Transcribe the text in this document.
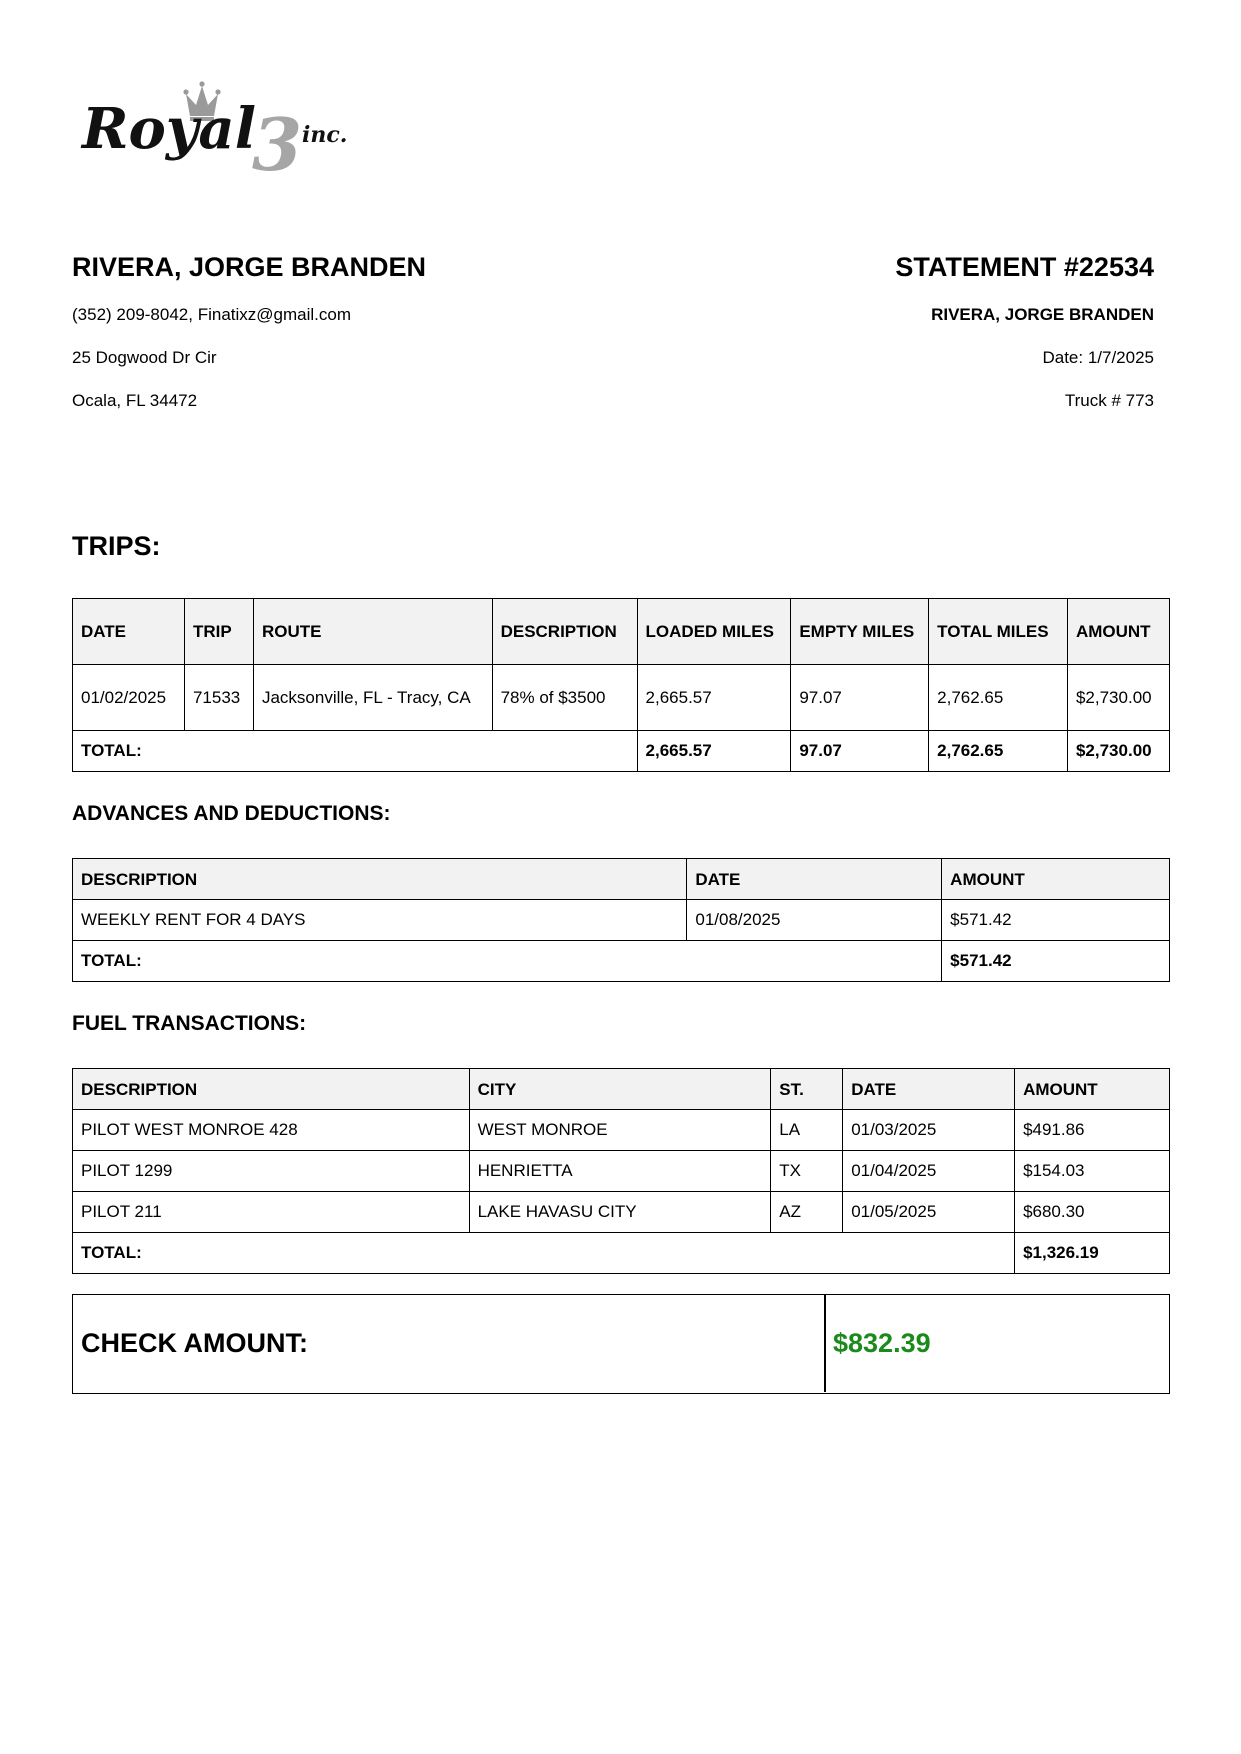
Royal
3 inc.
RIVERA, JORGE BRANDEN
(352) 209-8042, Finatixz@gmail.com
25 Dogwood Dr Cir
Ocala, FL 34472
STATEMENT #22534
RIVERA, JORGE BRANDEN
Date: 1/7/2025
Truck # 773
TRIPS:
DATE	TRIP	ROUTE	DESCRIPTION	LOADED MILES	EMPTY MILES	TOTAL MILES	AMOUNT
01/02/2025	71533	Jacksonville, FL - Tracy, CA	78% of $3500	2,665.57	97.07	2,762.65	$2,730.00
TOTAL:				2,665.57	97.07	2,762.65	$2,730.00
ADVANCES AND DEDUCTIONS:
DESCRIPTION	DATE	AMOUNT
WEEKLY RENT FOR 4 DAYS	01/08/2025	$571.42
TOTAL:		$571.42
FUEL TRANSACTIONS:
DESCRIPTION	CITY	ST.	DATE	AMOUNT
PILOT WEST MONROE 428	WEST MONROE	LA	01/03/2025	$491.86
PILOT 1299	HENRIETTA	TX	01/04/2025	$154.03
PILOT 211	LAKE HAVASU CITY	AZ	01/05/2025	$680.30
TOTAL:				$1,326.19
CHECK AMOUNT:	$832.39
